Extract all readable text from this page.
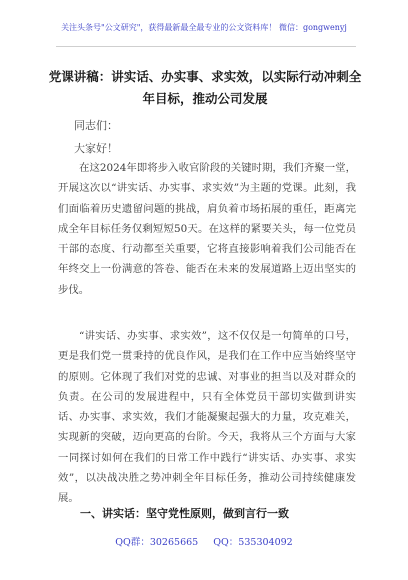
关注头条号"公文研究"，获得最新最全最专业的公文资料库！ 微信：gongwenyj
党课讲稿：讲实话、办实事、求实效，以实际行动冲刺全
年目标，推动公司发展
同志们：
大家好！

在这2024年即将步入收官阶段的关键时期，我们齐聚一堂，开展这次以“讲实话、办实事、求实效”为主题的党课。此刻，我们面临着历史遗留问题的挑战，肩负着市场拓展的重任，距离完成全年目标任务仅剩短短50天。在这样的紧要关头，每一位党员干部的态度、行动都至关重要，它将直接影响着我们公司能否在年终交上一份满意的答卷、能否在未来的发展道路上迈出坚实的步伐。

“讲实话、办实事、求实效”，这不仅仅是一句简单的口号，更是我们党一贯秉持的优良作风，是我们在工作中应当始终坚守的原则。它体现了我们对党的忠诚、对事业的担当以及对群众的负责。在公司的发展进程中，只有全体党员干部切实做到讲实话、办实事、求实效，我们才能凝聚起强大的力量，攻克难关，实现新的突破，迈向更高的台阶。今天，我将从三个方面与大家一同探讨如何在我们的日常工作中践行“讲实话、办实事、求实效”，以决战决胜之势冲刺全年目标任务，推动公司持续健康发展。

一、讲实话：坚守党性原则，做到言行一致
QQ群：30265665 QQ：535304092
